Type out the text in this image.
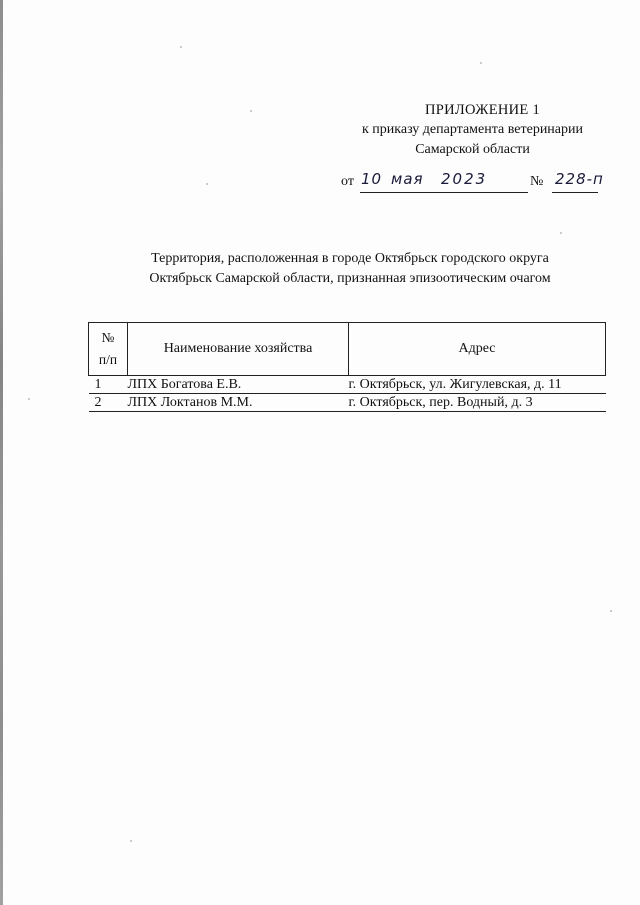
ПРИЛОЖЕНИЕ 1
к приказу департамента ветеринарии
Самарской области
от 10 мая 2023	№ 228-п
Территория, расположенная в городе Октябрьск городского округа
Октябрьск Самарской области, признанная эпизоотическим очагом
№
п/п	Наименование хозяйства	Адрес
1	ЛПХ Богатова Е.В.	г. Октябрьск, ул. Жигулевская, д. 11
2	ЛПХ Локтанов М.М.	г. Октябрьск, пер. Водный, д. 3
